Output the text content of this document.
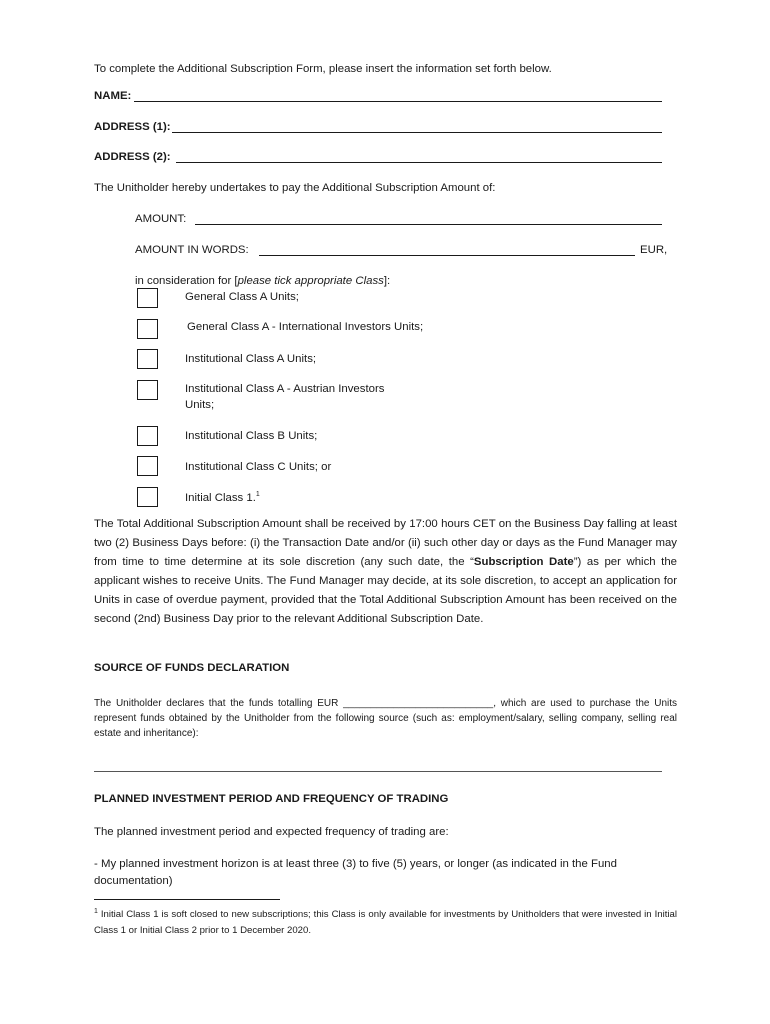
To complete the Additional Subscription Form, please insert the information set forth below.
NAME:
ADDRESS (1):
ADDRESS (2):
The Unitholder hereby undertakes to pay the Additional Subscription Amount of:
AMOUNT:
AMOUNT IN WORDS:	EUR,
in consideration for [please tick appropriate Class]:
General Class A Units;
General Class A - International Investors Units;
Institutional Class A Units;
Institutional Class A - Austrian Investors
Units;
Institutional Class B Units;
Institutional Class C Units; or
Initial Class 1.$^1$
The Total Additional Subscription Amount shall be received by 17:00 hours CET on the Business Day falling at least two (2) Business Days before: (i) the Transaction Date and/or (ii) such other day or days as the Fund Manager may from time to time determine at its sole discretion (any such date, the “Subscription Date”) as per which the applicant wishes to receive Units. The Fund Manager may decide, at its sole discretion, to accept an application for Units in case of overdue payment, provided that the Total Additional Subscription Amount has been received on the second (2nd) Business Day prior to the relevant Additional Subscription Date.
SOURCE OF FUNDS DECLARATION
The Unitholder declares that the funds totalling EUR ___________________________, which are used to purchase the Units represent funds obtained by the Unitholder from the following source (such as: employment/salary, selling company, selling real estate and inheritance):
PLANNED INVESTMENT PERIOD AND FREQUENCY OF TRADING
The planned investment period and expected frequency of trading are:
- My planned investment horizon is at least three (3) to five (5) years, or longer (as indicated in the Fund documentation)
$^1$ Initial Class 1 is soft closed to new subscriptions; this Class is only available for investments by Unitholders that were invested in Initial Class 1 or Initial Class 2 prior to 1 December 2020.
